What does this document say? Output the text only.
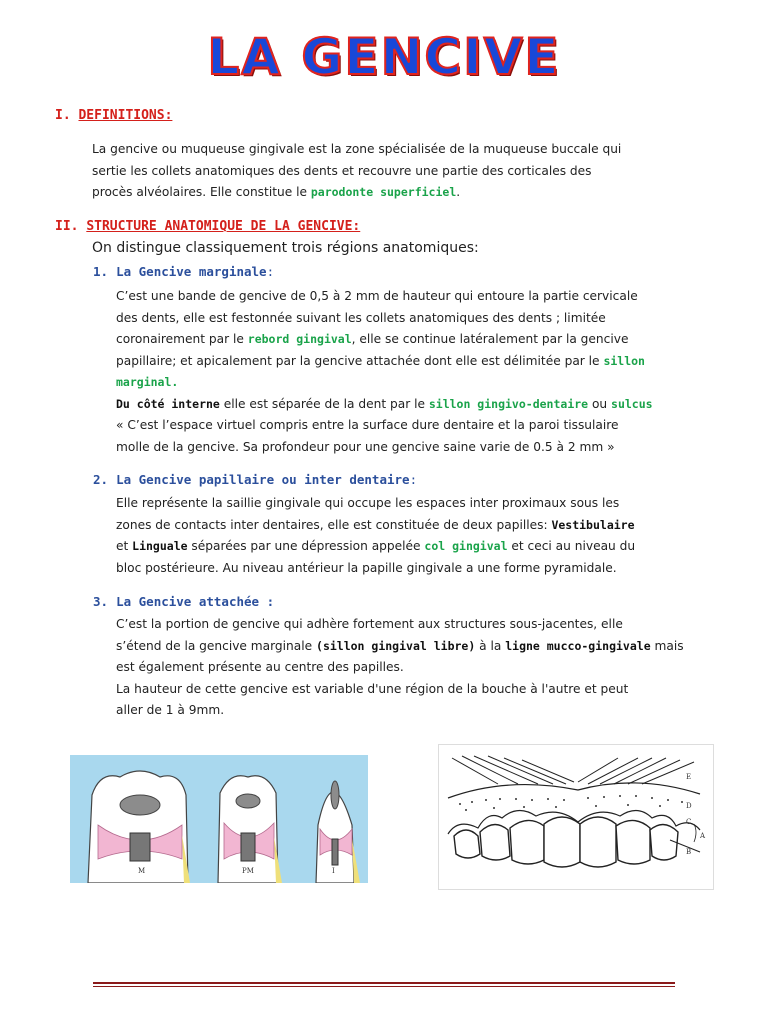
LA GENCIVE
I. DEFINITIONS:
La gencive ou muqueuse gingivale est la zone spécialisée de la muqueuse buccale qui
sertie les collets anatomiques des dents et recouvre une partie des corticales des
procès alvéolaires. Elle constitue le parodonte superficiel.
II. STRUCTURE ANATOMIQUE DE LA GENCIVE:
On distingue classiquement trois régions anatomiques:
1. La Gencive marginale:
C’est une bande de gencive de 0,5 à 2 mm de hauteur qui entoure la partie cervicale
des dents, elle est festonnée suivant les collets anatomiques des dents ; limitée
coronairement par le rebord gingival, elle se continue latéralement par la gencive
papillaire; et apicalement par la gencive attachée dont elle est délimitée par le sillon
marginal.
Du côté interne elle est séparée de la dent par le sillon gingivo-dentaire ou sulcus
« C’est l’espace virtuel compris entre la surface dure dentaire et la paroi tissulaire
molle de la gencive. Sa profondeur pour une gencive saine varie de 0.5 à 2 mm »
2. La Gencive papillaire ou inter dentaire:
Elle représente la saillie gingivale qui occupe les espaces inter proximaux sous les
zones de contacts inter dentaires, elle est constituée de deux papilles: Vestibulaire
et Linguale séparées par une dépression appelée col gingival et ceci au niveau du
bloc postérieure. Au niveau antérieur la papille gingivale a une forme pyramidale.
3. La Gencive attachée :
C’est la portion de gencive qui adhère fortement aux structures sous-jacentes, elle
s’étend de la gencive marginale (sillon gingival libre) à la ligne mucco-gingivale mais
est également présente au centre des papilles.
La hauteur de cette gencive est variable d'une région de la bouche à l'autre et peut
aller de 1 à 9mm.
M	PM	I
E
D
C
A
B
